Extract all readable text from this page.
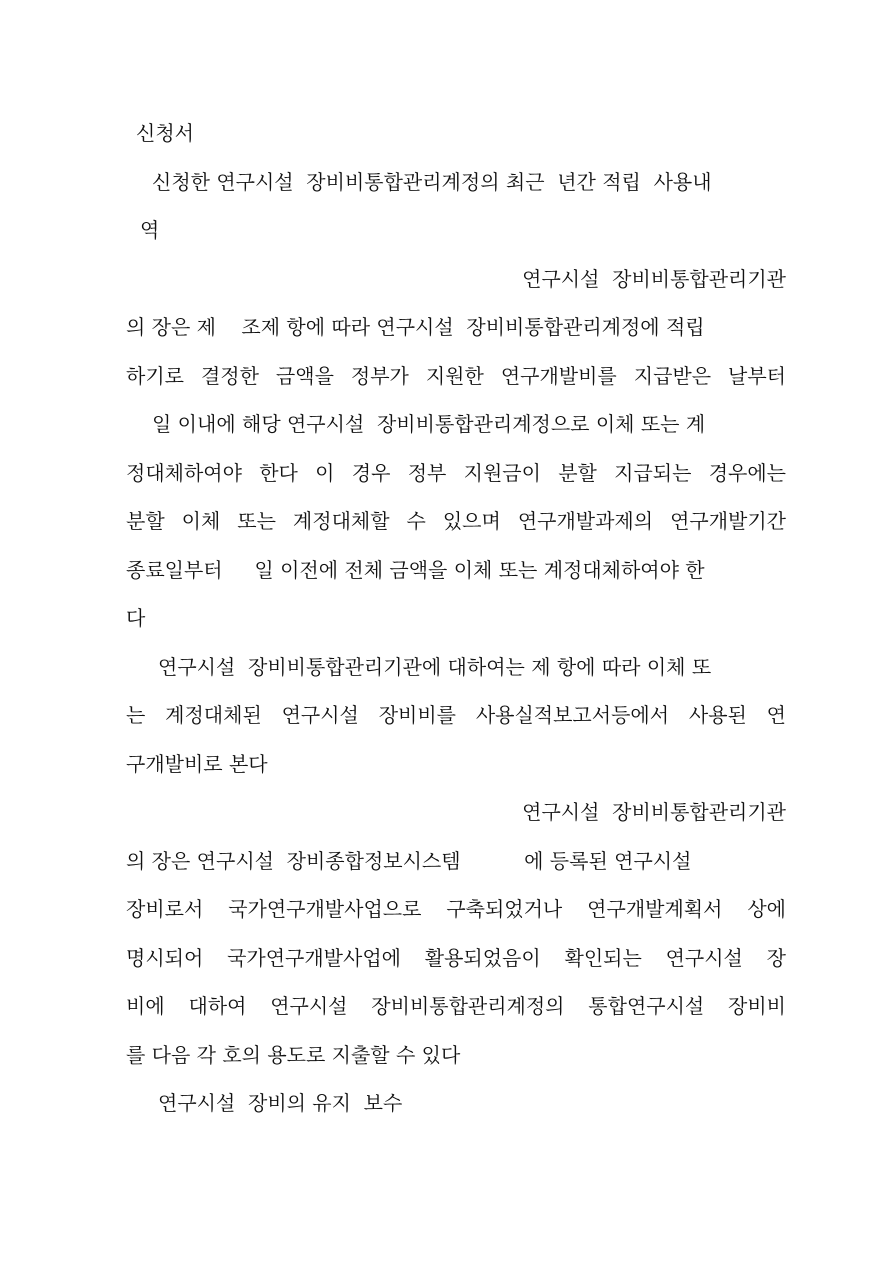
신청서
신청한 연구시설  장비비통합관리계정의 최근  년간 적립  사용내
역
연구시설  장비비통합관리기관
의 장은 제    조제 항에 따라 연구시설  장비비통합관리계정에 적립
하기로 결정한 금액을 정부가 지원한 연구개발비를 지급받은 날부터
일 이내에 해당 연구시설  장비비통합관리계정으로 이체 또는 계
정대체하여야 한다 이 경우 정부 지원금이 분할 지급되는 경우에는
분할 이체 또는 계정대체할 수 있으며 연구개발과제의 연구개발기간
종료일부터     일 이전에 전체 금액을 이체 또는 계정대체하여야 한
다
연구시설  장비비통합관리기관에 대하여는 제 항에 따라 이체 또
는 계정대체된 연구시설 장비비를 사용실적보고서등에서 사용된 연
구개발비로 본다
연구시설  장비비통합관리기관
의 장은 연구시설  장비종합정보시스템          에 등록된 연구시설
장비로서 국가연구개발사업으로 구축되었거나 연구개발계획서 상에
명시되어 국가연구개발사업에 활용되었음이 확인되는 연구시설 장
비에 대하여 연구시설 장비비통합관리계정의 통합연구시설 장비비
를 다음 각 호의 용도로 지출할 수 있다
연구시설  장비의 유지  보수
